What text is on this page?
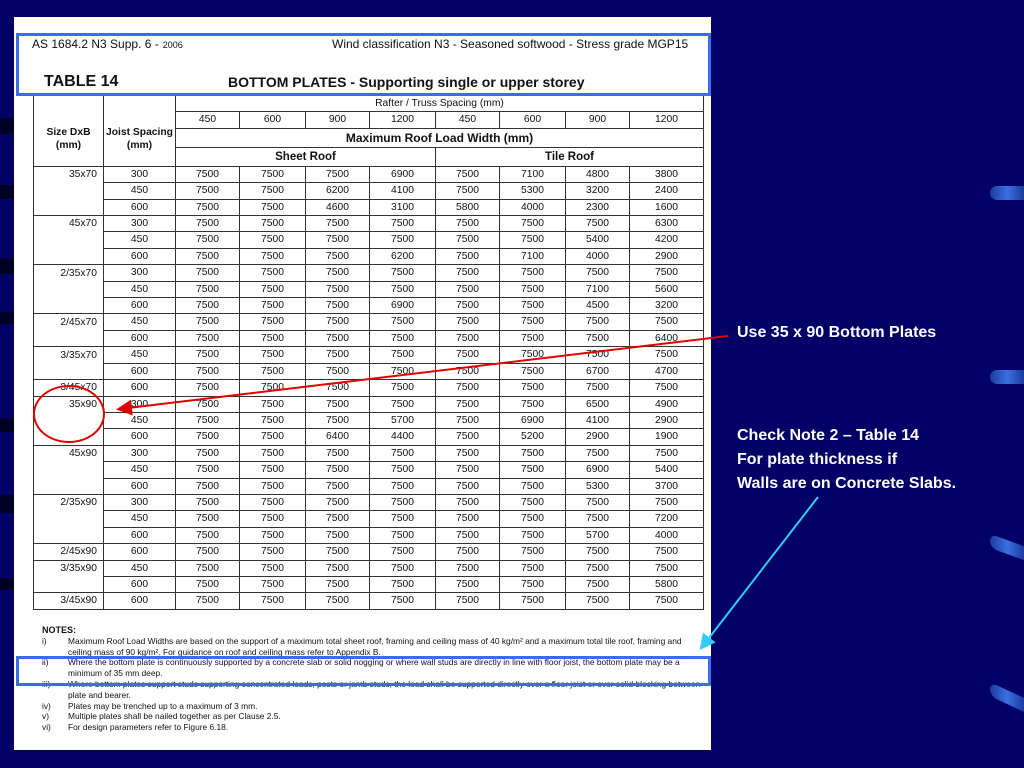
AS 1684.2 N3 Supp. 6 - 2006	Wind classification N3 - Seasoned softwood - Stress grade MGP15
TABLE 14	BOTTOM PLATES - Supporting single or upper storey
		Rafter / Truss Spacing (mm)							
Size DxB (mm)	Joist Spacing (mm)	450	600	900	1200	450	600	900	1200
		Maximum Roof Load Width (mm)							
		Sheet Roof				Tile Roof			
35x70	300	7500	7500	7500	6900	7500	7100	4800	3800
	450	7500	7500	6200	4100	7500	5300	3200	2400
	600	7500	7500	4600	3100	5800	4000	2300	1600
45x70	300	7500	7500	7500	7500	7500	7500	7500	6300
	450	7500	7500	7500	7500	7500	7500	5400	4200
	600	7500	7500	7500	6200	7500	7100	4000	2900
2/35x70	300	7500	7500	7500	7500	7500	7500	7500	7500
	450	7500	7500	7500	7500	7500	7500	7100	5600
	600	7500	7500	7500	6900	7500	7500	4500	3200
2/45x70	450	7500	7500	7500	7500	7500	7500	7500	7500
	600	7500	7500	7500	7500	7500	7500	7500	6400
3/35x70	450	7500	7500	7500	7500	7500	7500	7500	7500
	600	7500	7500	7500	7500	7500	7500	6700	4700
3/45x70	600	7500	7500	7500	7500	7500	7500	7500	7500
35x90	300	7500	7500	7500	7500	7500	7500	6500	4900
	450	7500	7500	7500	5700	7500	6900	4100	2900
	600	7500	7500	6400	4400	7500	5200	2900	1900
45x90	300	7500	7500	7500	7500	7500	7500	7500	7500
	450	7500	7500	7500	7500	7500	7500	6900	5400
	600	7500	7500	7500	7500	7500	7500	5300	3700
2/35x90	300	7500	7500	7500	7500	7500	7500	7500	7500
	450	7500	7500	7500	7500	7500	7500	7500	7200
	600	7500	7500	7500	7500	7500	7500	5700	4000
2/45x90	600	7500	7500	7500	7500	7500	7500	7500	7500
3/35x90	450	7500	7500	7500	7500	7500	7500	7500	7500
	600	7500	7500	7500	7500	7500	7500	7500	5800
3/45x90	600	7500	7500	7500	7500	7500	7500	7500	7500
NOTES:
i)	Maximum Roof Load Widths are based on the support of a maximum total sheet roof, framing and ceiling mass of 40 kg/m² and a maximum total tile roof, framing and ceiling mass of 90 kg/m². For guidance on roof and ceiling mass refer to Appendix B.
ii)	Where the bottom plate is continuously supported by a concrete slab or solid nogging or where wall studs are directly in line with floor joist, the bottom plate may be a minimum of 35 mm deep.
iii)	Where bottom plates support studs supporting concentrated loads, posts or jamb studs, the load shall be supported directly over a floor joist or over solid blocking between plate and bearer.
iv)	Plates may be trenched up to a maximum of 3 mm.
v)	Multiple plates shall be nailed together as per Clause 2.5.
vi)	For design parameters refer to Figure 6.18.
Use 35 x 90 Bottom Plates
Check Note 2 – Table 14
For plate thickness if
Walls are on Concrete Slabs.
